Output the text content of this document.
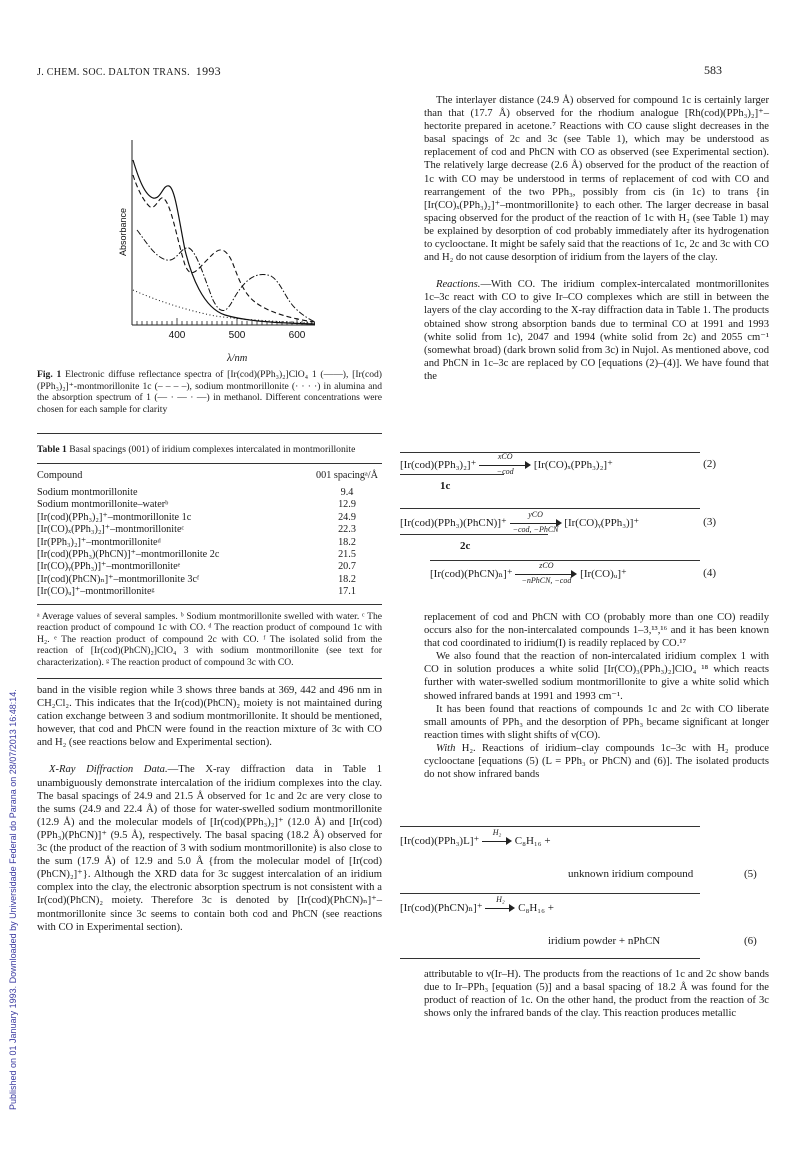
J. CHEM. SOC. DALTON TRANS. 1993	583
Published on 01 January 1993. Downloaded by Universidade Federal do Parana on 28/07/2013 16:48:14.
Absorbance
400	500	600
λ/nm
Fig. 1 Electronic diffuse reflectance spectra of [Ir(cod)(PPh₃)₂]ClO₄ 1 (——), [Ir(cod)(PPh₃)₂]⁺-montmorillonite 1c (– – – –), sodium montmorillonite (· · · ·) in alumina and the absorption spectrum of 1 (— · — · —) in methanol. Different concentrations were chosen for each sample for clarity
Table 1 Basal spacings (001) of iridium complexes intercalated in montmorillonite
Compound	001 spacingᵃ/Å

Sodium montmorillonite	9.4
Sodium montmorillonite–waterᵇ	12.9
[Ir(cod)(PPh₃)₂]⁺–montmorillonite 1c	24.9
[Ir(CO)ₓ(PPh₃)₂]⁺–montmorilloniteᶜ	22.3
[Ir(PPh₃)₂]⁺–montmorilloniteᵈ	18.2
[Ir(cod)(PPh₃)(PhCN)]⁺–montmorillonite 2c	21.5
[Ir(CO)ᵧ(PPh₃)]⁺–montmorilloniteᵉ	20.7
[Ir(cod)(PhCN)ₙ]⁺–montmorillonite 3cᶠ	18.2
[Ir(CO)ᵤ]⁺–montmorilloniteᵍ	17.1
ᵃ Average values of several samples. ᵇ Sodium montmorillonite swelled with water. ᶜ The reaction product of compound 1c with CO. ᵈ The reaction product of compound 1c with H₂. ᵉ The reaction product of compound 2c with CO. ᶠ The isolated solid from the reaction of [Ir(cod)(PhCN)₂]ClO₄ 3 with sodium montmorillonite (see text for characterization). ᵍ The reaction product of compound 3c with CO.

band in the visible region while 3 shows three bands at 369, 442 and 496 nm in CH₂Cl₂. This indicates that the Ir(cod)(PhCN)₂ moiety is not maintained during cation exchange between 3 and sodium montmorillonite. It should be mentioned, however, that cod and PhCN were found in the reaction mixture of 3c with CO and H₂ (see reactions below and Experimental section).

X-Ray Diffraction Data.—The X-ray diffraction data in Table 1 unambiguously demonstrate intercalation of the iridium complexes into the clay. The basal spacings of 24.9 and 21.5 Å observed for 1c and 2c are very close to the sums (24.9 and 22.4 Å) of those for water-swelled sodium montmorillonite (12.9 Å) and the molecular models of [Ir(cod)(PPh₃)₂]⁺ (12.0 Å) and [Ir(cod)(PPh₃)(PhCN)]⁺ (9.5 Å), respectively. The basal spacing (18.2 Å) observed for 3c (the product of the reaction of 3 with sodium montmorillonite) is also close to the sum (17.9 Å) of 12.9 and 5.0 Å {from the molecular model of [Ir(cod)(PhCN)₂]⁺}. Although the XRD data for 3c suggest intercalation of an iridium complex into the clay, the electronic absorption spectrum is not consistent with a Ir(cod)(PhCN)₂ moiety. Therefore 3c is denoted by [Ir(cod)(PhCN)ₙ]⁺–montmorillonite since 3c seems to contain both cod and PhCN (see reactions with CO in Experimental section).

The interlayer distance (24.9 Å) observed for compound 1c is certainly larger than that (17.7 Å) observed for the rhodium analogue [Rh(cod)(PPh₃)₂]⁺–hectorite prepared in acetone.⁷ Reactions with CO cause slight decreases in the basal spacings of 2c and 3c (see Table 1), which may be understood as replacement of cod and PhCN with CO as observed (see Experimental section). The relatively large decrease (2.6 Å) observed for the product of the reaction of 1c with CO may be understood in terms of replacement of cod with CO and rearrangement of the two PPh₃, possibly from cis (in 1c) to trans {in [Ir(CO)ₓ(PPh₃)₂]⁺–montmorillonite} to each other. The larger decrease in basal spacing observed for the product of the reaction of 1c with H₂ (see Table 1) may be explained by desorption of cod probably immediately after its hydrogenation to cyclooctane. It might be safely said that the reactions of 1c, 2c and 3c with CO and H₂ do not cause desorption of iridium from the layers of the clay.

Reactions.—With CO. The iridium complex-intercalated montmorillonites 1c–3c react with CO to give Ir–CO complexes which are still in between the layers of the clay according to the X-ray diffraction data in Table 1. The products obtained show strong absorption bands due to terminal CO at 1991 and 1993 (white solid from 1c), 2047 and 1994 (white solid from 2c) and 2055 cm⁻¹ (somewhat broad) (dark brown solid from 3c) in Nujol. As mentioned above, cod and PhCN in 1c–3c are replaced by CO [equations (2)–(4)]. We have found that the

[Ir(cod)(PPh₃)₂]⁺
xCO
−cod
[Ir(CO)ₓ(PPh₃)₂]⁺	(2)
1c
[Ir(cod)(PPh₃)(PhCN)]⁺
yCO
−cod, −PhCN
[Ir(CO)ᵧ(PPh₃)]⁺	(3)
2c
[Ir(cod)(PhCN)ₙ]⁺
zCO
−nPhCN, −cod
[Ir(CO)ᵤ]⁺	(4)

replacement of cod and PhCN with CO (probably more than one CO) readily occurs also for the non-intercalated compounds 1–3,¹³,¹⁶ and it has been known that cod coordinated to iridium(I) is readily replaced by CO.¹⁷

We also found that the reaction of non-intercalated iridium complex 1 with CO in solution produces a white solid [Ir(CO)₃(PPh₃)₂]ClO₄ ¹⁸ which reacts further with water-swelled sodium montmorillonite to give a white solid which showed infrared bands at 1991 and 1993 cm⁻¹.

It has been found that reactions of compounds 1c and 2c with CO liberate small amounts of PPh₃ and the desorption of PPh₃ became significant at longer reaction times with slight shifts of ν(CO).

With H₂. Reactions of iridium–clay compounds 1c–3c with H₂ produce cyclooctane [equations (5) (L = PPh₃ or PhCN) and (6)]. The isolated products do not show infrared bands

[Ir(cod)(PPh₃)L]⁺
H₂
C₈H₁₆ +
unknown iridium compound	(5)
[Ir(cod)(PhCN)ₙ]⁺
H₂
C₈H₁₆ +
iridium powder + nPhCN	(6)

attributable to ν(Ir–H). The products from the reactions of 1c and 2c show bands due to Ir–PPh₃ [equation (5)] and a basal spacing of 18.2 Å was found for the product of reaction of 1c. On the other hand, the product from the reaction of 3c shows only the infrared bands of the clay. This reaction produces metallic
